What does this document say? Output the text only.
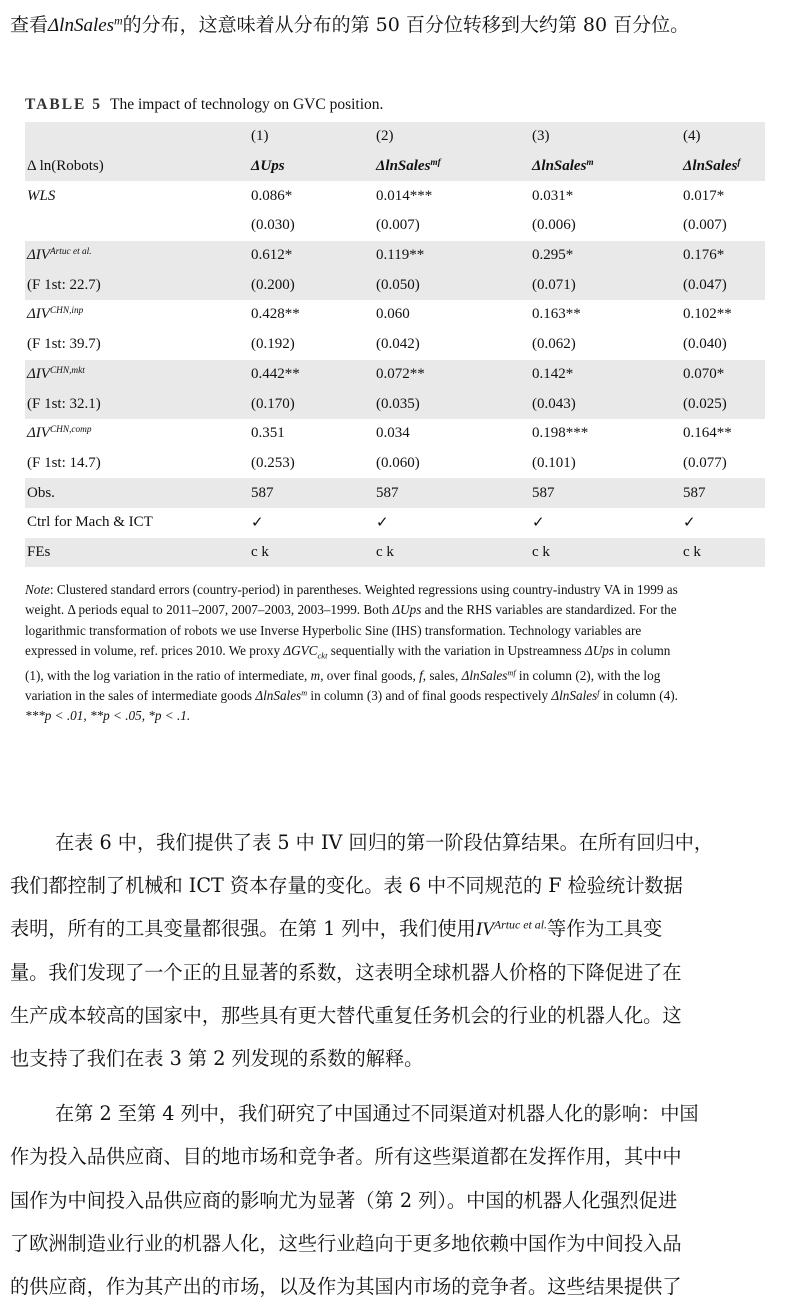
查看ΔlnSales$^m$的分布，这意味着从分布的第 50 百分位转移到大约第 80 百分位。
TABLE 5 The impact of technology on GVC position.
	(1)	(2)	(3)	(4)
Δ ln(Robots)	ΔUps	ΔlnSales$^{mf}$	ΔlnSales$^m$	ΔlnSales$^f$
WLS	0.086*	0.014***	0.031*	0.017*
	(0.030)	(0.007)	(0.006)	(0.007)
$\Delta IV^{Artuc et al.}$	0.612*	0.119**	0.295*	0.176*
(F 1st: 22.7)	(0.200)	(0.050)	(0.071)	(0.047)
$\Delta IV^{CHN,inp}$	0.428**	0.060	0.163**	0.102**
(F 1st: 39.7)	(0.192)	(0.042)	(0.062)	(0.040)
$\Delta IV^{CHN,mkt}$	0.442**	0.072**	0.142*	0.070*
(F 1st: 32.1)	(0.170)	(0.035)	(0.043)	(0.025)
$\Delta IV^{CHN,comp}$	0.351	0.034	0.198***	0.164**
(F 1st: 14.7)	(0.253)	(0.060)	(0.101)	(0.077)
Obs.	587	587	587	587
Ctrl for Mach & ICT	✓	✓	✓	✓
FEs	c k	c k	c k	c k
Note: Clustered standard errors (country-period) in parentheses. Weighted regressions using country-industry VA in 1999 as
weight. Δ periods equal to 2011–2007, 2007–2003, 2003–1999. Both ΔUps and the RHS variables are standardized. For the
logarithmic transformation of robots we use Inverse Hyperbolic Sine (IHS) transformation. Technology variables are
expressed in volume, ref. prices 2010. We proxy $\Delta GVC_{ckt}$ sequentially with the variation in Upstreamness ΔUps in column
(1), with the log variation in the ratio of intermediate, m, over final goods, f, sales, ΔlnSales$^{mf}$ in column (2), with the log
variation in the sales of intermediate goods ΔlnSales$^m$ in column (3) and of final goods respectively ΔlnSales$^f$ in column (4).
***p < .01, **p < .05, *p < .1.
在表 6 中，我们提供了表 5 中 IV 回归的第一阶段估算结果。在所有回归中，
我们都控制了机械和 ICT 资本存量的变化。表 6 中不同规范的 F 检验统计数据
表明，所有的工具变量都很强。在第 1 列中，我们使用$IV^{Artuc et al.}$等作为工具变
量。我们发现了一个正的且显著的系数，这表明全球机器人价格的下降促进了在
生产成本较高的国家中，那些具有更大替代重复任务机会的行业的机器人化。这
也支持了我们在表 3 第 2 列发现的系数的解释。
在第 2 至第 4 列中，我们研究了中国通过不同渠道对机器人化的影响：中国
作为投入品供应商、目的地市场和竞争者。所有这些渠道都在发挥作用，其中中
国作为中间投入品供应商的影响尤为显著（第 2 列）。中国的机器人化强烈促进
了欧洲制造业行业的机器人化，这些行业趋向于更多地依赖中国作为中间投入品
的供应商，作为其产出的市场，以及作为其国内市场的竞争者。这些结果提供了
